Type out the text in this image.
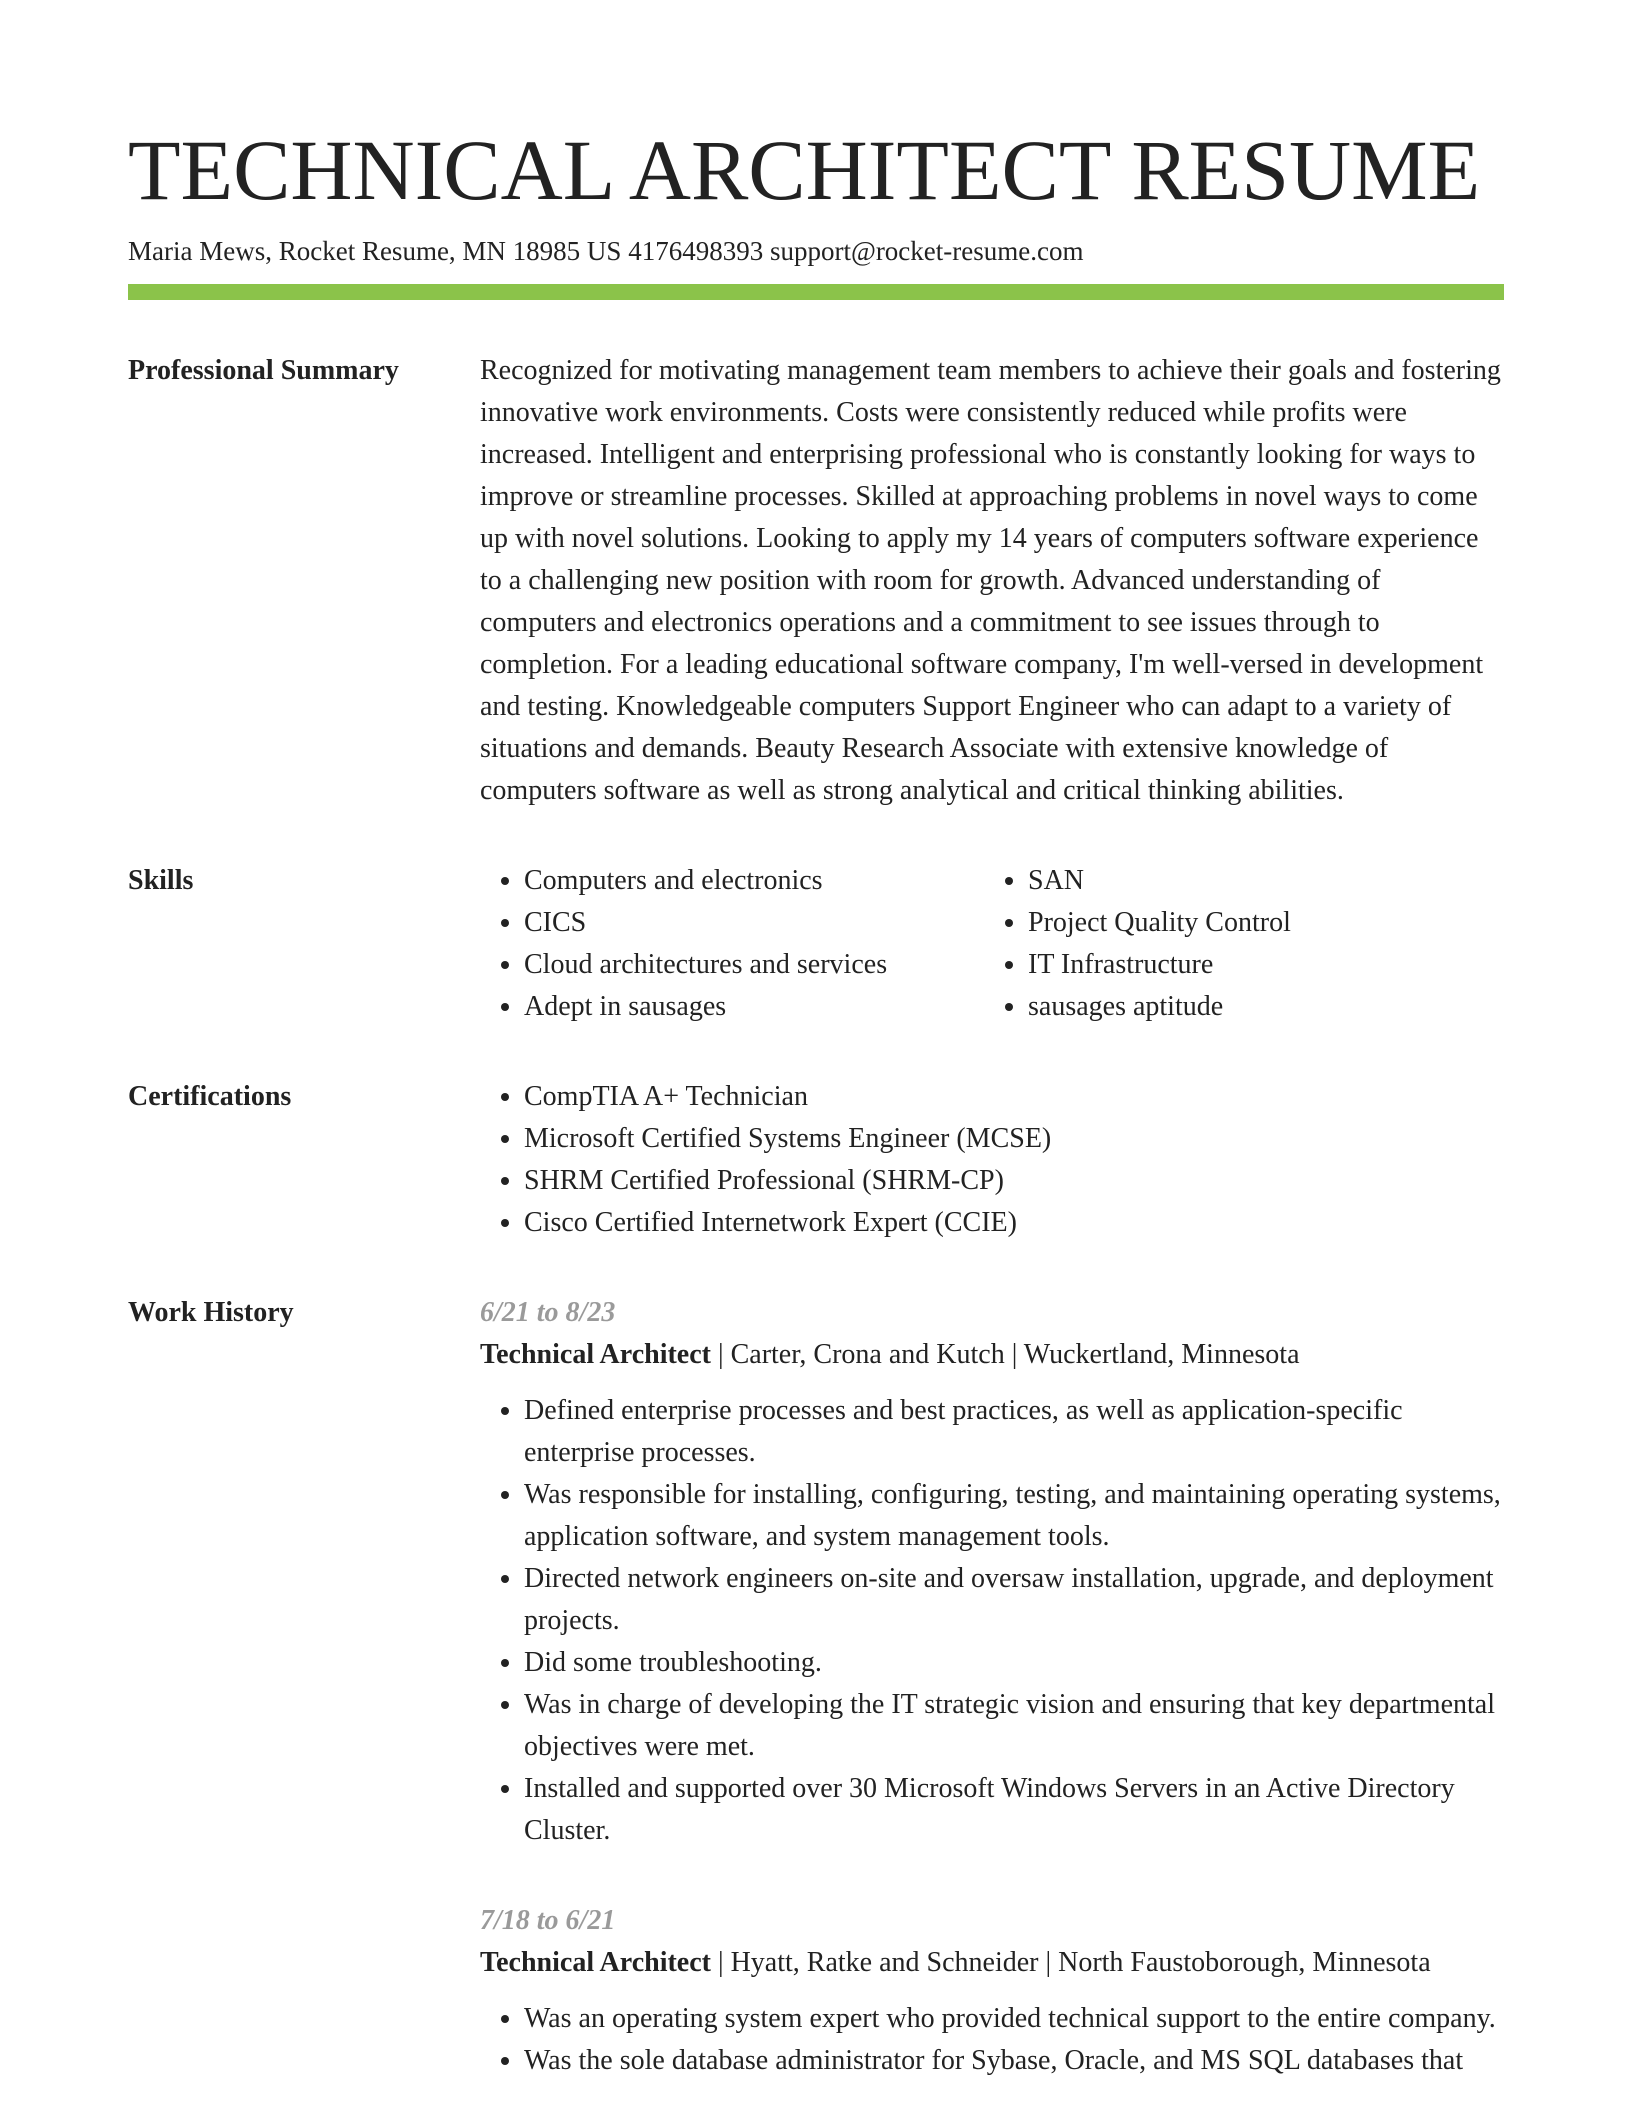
TECHNICAL ARCHITECT RESUME
Maria Mews, Rocket Resume, MN 18985 US 4176498393 support@rocket-resume.com
Professional Summary	Recognized for motivating management team members to achieve their goals and fostering innovative work environments. Costs were consistently reduced while profits were increased. Intelligent and enterprising professional who is constantly looking for ways to improve or streamline processes. Skilled at approaching problems in novel ways to come up with novel solutions. Looking to apply my 14 years of computers software experience to a challenging new position with room for growth. Advanced understanding of computers and electronics operations and a commitment to see issues through to completion. For a leading educational software company, I'm well-versed in development and testing. Knowledgeable computers Support Engineer who can adapt to a variety of situations and demands. Beauty Research Associate with extensive knowledge of computers software as well as strong analytical and critical thinking abilities.

Skills	• Computers and electronics
• CICS
• Cloud architectures and services
• Adept in sausages
• SAN
• Project Quality Control
• IT Infrastructure
• sausages aptitude
Certifications	• CompTIA A+ Technician
• Microsoft Certified Systems Engineer (MCSE)
• SHRM Certified Professional (SHRM-CP)
• Cisco Certified Internetwork Expert (CCIE)
Work History	6/21 to 8/23
Technical Architect | Carter, Crona and Kutch | Wuckertland, Minnesota
• Defined enterprise processes and best practices, as well as application-specific enterprise processes.
• Was responsible for installing, configuring, testing, and maintaining operating systems, application software, and system management tools.
• Directed network engineers on-site and oversaw installation, upgrade, and deployment projects.
• Did some troubleshooting.
• Was in charge of developing the IT strategic vision and ensuring that key departmental objectives were met.
• Installed and supported over 30 Microsoft Windows Servers in an Active Directory Cluster.
7/18 to 6/21
Technical Architect | Hyatt, Ratke and Schneider | North Faustoborough, Minnesota
• Was an operating system expert who provided technical support to the entire company.
• Was the sole database administrator for Sybase, Oracle, and MS SQL databases that
